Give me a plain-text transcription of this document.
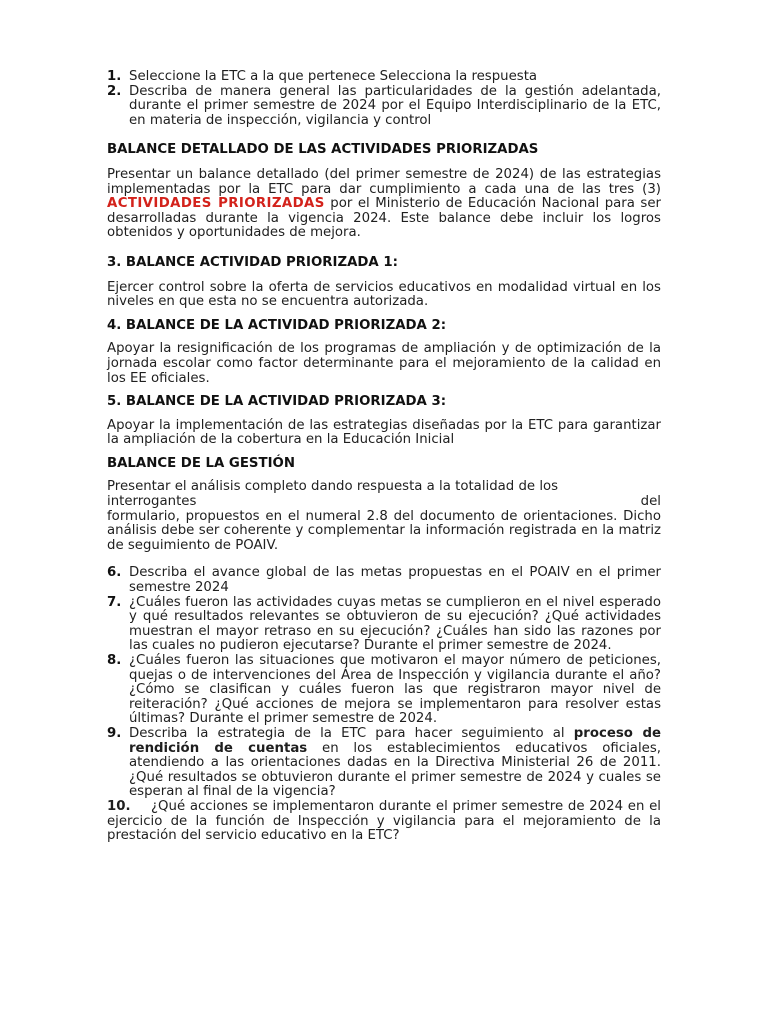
1. Seleccione la ETC a la que pertenece Selecciona la respuesta
2. Describa de manera general las particularidades de la gestión adelantada, durante el primer semestre de 2024 por el Equipo Interdisciplinario de la ETC, en materia de inspección, vigilancia y control
BALANCE DETALLADO DE LAS ACTIVIDADES PRIORIZADAS

Presentar un balance detallado (del primer semestre de 2024) de las estrategias implementadas por la ETC para dar cumplimiento a cada una de las tres (3) ACTIVIDADES PRIORIZADAS por el Ministerio de Educación Nacional para ser desarrolladas durante la vigencia 2024. Este balance debe incluir los logros obtenidos y oportunidades de mejora.

3. BALANCE ACTIVIDAD PRIORIZADA 1:

Ejercer control sobre la oferta de servicios educativos en modalidad virtual en los niveles en que esta no se encuentra autorizada.

4. BALANCE DE LA ACTIVIDAD PRIORIZADA 2:

Apoyar la resignificación de los programas de ampliación y de optimización de la jornada escolar como factor determinante para el mejoramiento de la calidad en los EE oficiales.

5. BALANCE DE LA ACTIVIDAD PRIORIZADA 3:

Apoyar la implementación de las estrategias diseñadas por la ETC para garantizar la ampliación de la cobertura en la Educación Inicial

BALANCE DE LA GESTIÓN

Presentar el análisis completo dando respuesta a la totalidad de los
interrogantes	del
formulario, propuestos en el numeral 2.8 del documento de orientaciones. Dicho análisis debe ser coherente y complementar la información registrada en la matriz de seguimiento de POAIV.

6. Describa el avance global de las metas propuestas en el POAIV en el primer semestre 2024
7. ¿Cuáles fueron las actividades cuyas metas se cumplieron en el nivel esperado y qué resultados relevantes se obtuvieron de su ejecución? ¿Qué actividades muestran el mayor retraso en su ejecución? ¿Cuáles han sido las razones por las cuales no pudieron ejecutarse? Durante el primer semestre de 2024.
8. ¿Cuáles fueron las situaciones que motivaron el mayor número de peticiones, quejas o de intervenciones del Área de Inspección y vigilancia durante el año? ¿Cómo se clasifican y cuáles fueron las que registraron mayor nivel de reiteración? ¿Qué acciones de mejora se implementaron para resolver estas últimas? Durante el primer semestre de 2024.
9. Describa la estrategia de la ETC para hacer seguimiento al proceso de rendición de cuentas en los establecimientos educativos oficiales, atendiendo a las orientaciones dadas en la Directiva Ministerial 26 de 2011. ¿Qué resultados se obtuvieron durante el primer semestre de 2024 y cuales se esperan al final de la vigencia?
10. ¿Qué acciones se implementaron durante el primer semestre de 2024 en el ejercicio de la función de Inspección y vigilancia para el mejoramiento de la prestación del servicio educativo en la ETC?
